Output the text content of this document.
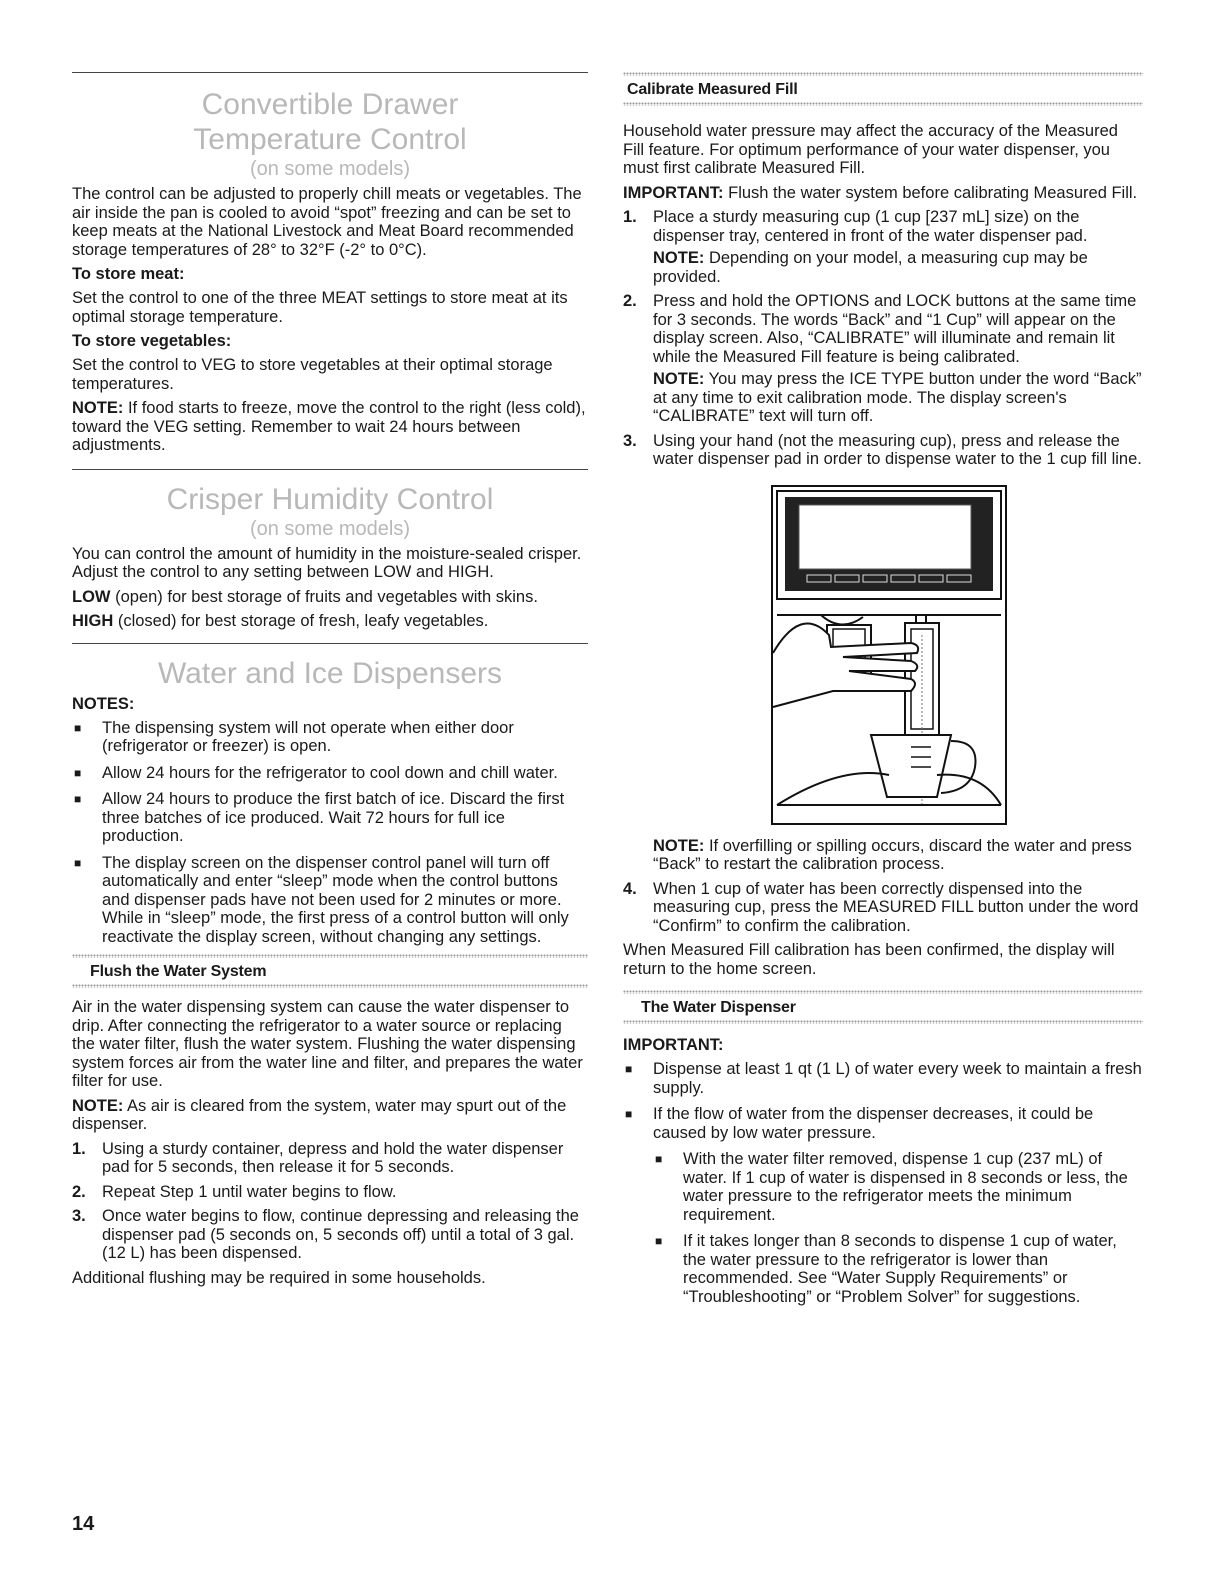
Convertible Drawer
Temperature Control
(on some models)

The control can be adjusted to properly chill meats or vegetables. The air inside the pan is cooled to avoid “spot” freezing and can be set to keep meats at the National Livestock and Meat Board recommended storage temperatures of 28° to 32°F (-2° to 0°C).

To store meat:

Set the control to one of the three MEAT settings to store meat at its optimal storage temperature.

To store vegetables:

Set the control to VEG to store vegetables at their optimal storage temperatures.

NOTE: If food starts to freeze, move the control to the right (less cold), toward the VEG setting. Remember to wait 24 hours between adjustments.

Crisper Humidity Control
(on some models)

You can control the amount of humidity in the moisture-sealed crisper. Adjust the control to any setting between LOW and HIGH.

LOW (open) for best storage of fruits and vegetables with skins.

HIGH (closed) for best storage of fresh, leafy vegetables.

Water and Ice Dispensers
NOTES:
■ The dispensing system will not operate when either door (refrigerator or freezer) is open.
■ Allow 24 hours for the refrigerator to cool down and chill water.
■ Allow 24 hours to produce the first batch of ice. Discard the first three batches of ice produced. Wait 72 hours for full ice production.
■ The display screen on the dispenser control panel will turn off automatically and enter “sleep” mode when the control buttons and dispenser pads have not been used for 2 minutes or more. While in “sleep” mode, the first press of a control button will only reactivate the display screen, without changing any settings.
Flush the Water System

Air in the water dispensing system can cause the water dispenser to drip. After connecting the refrigerator to a water source or replacing the water filter, flush the water system. Flushing the water dispensing system forces air from the water line and filter, and prepares the water filter for use.

NOTE: As air is cleared from the system, water may spurt out of the dispenser.

1. Using a sturdy container, depress and hold the water dispenser pad for 5 seconds, then release it for 5 seconds.
2. Repeat Step 1 until water begins to flow.
3. Once water begins to flow, continue depressing and releasing the dispenser pad (5 seconds on, 5 seconds off) until a total of 3 gal. (12 L) has been dispensed.

Additional flushing may be required in some households.

Calibrate Measured Fill

Household water pressure may affect the accuracy of the Measured Fill feature. For optimum performance of your water dispenser, you must first calibrate Measured Fill.

IMPORTANT: Flush the water system before calibrating Measured Fill.

1. Place a sturdy measuring cup (1 cup [237 mL] size) on the dispenser tray, centered in front of the water dispenser pad.

NOTE: Depending on your model, a measuring cup may be provided.

2. Press and hold the OPTIONS and LOCK buttons at the same time for 3 seconds. The words “Back” and “1 Cup” will appear on the display screen. Also, “CALIBRATE” will illuminate and remain lit while the Measured Fill feature is being calibrated.

NOTE: You may press the ICE TYPE button under the word “Back” at any time to exit calibration mode. The display screen's “CALIBRATE” text will turn off.

3. Using your hand (not the measuring cup), press and release the water dispenser pad in order to dispense water to the 1 cup fill line.

NOTE: If overfilling or spilling occurs, discard the water and press “Back” to restart the calibration process.

4. When 1 cup of water has been correctly dispensed into the measuring cup, press the MEASURED FILL button under the word “Confirm” to confirm the calibration.

When Measured Fill calibration has been confirmed, the display will return to the home screen.

The Water Dispenser
IMPORTANT:
■ Dispense at least 1 qt (1 L) of water every week to maintain a fresh supply.
■ If the flow of water from the dispenser decreases, it could be caused by low water pressure.
■ With the water filter removed, dispense 1 cup (237 mL) of water. If 1 cup of water is dispensed in 8 seconds or less, the water pressure to the refrigerator meets the minimum requirement.
■ If it takes longer than 8 seconds to dispense 1 cup of water, the water pressure to the refrigerator is lower than recommended. See “Water Supply Requirements” or “Troubleshooting” or “Problem Solver” for suggestions.
14
